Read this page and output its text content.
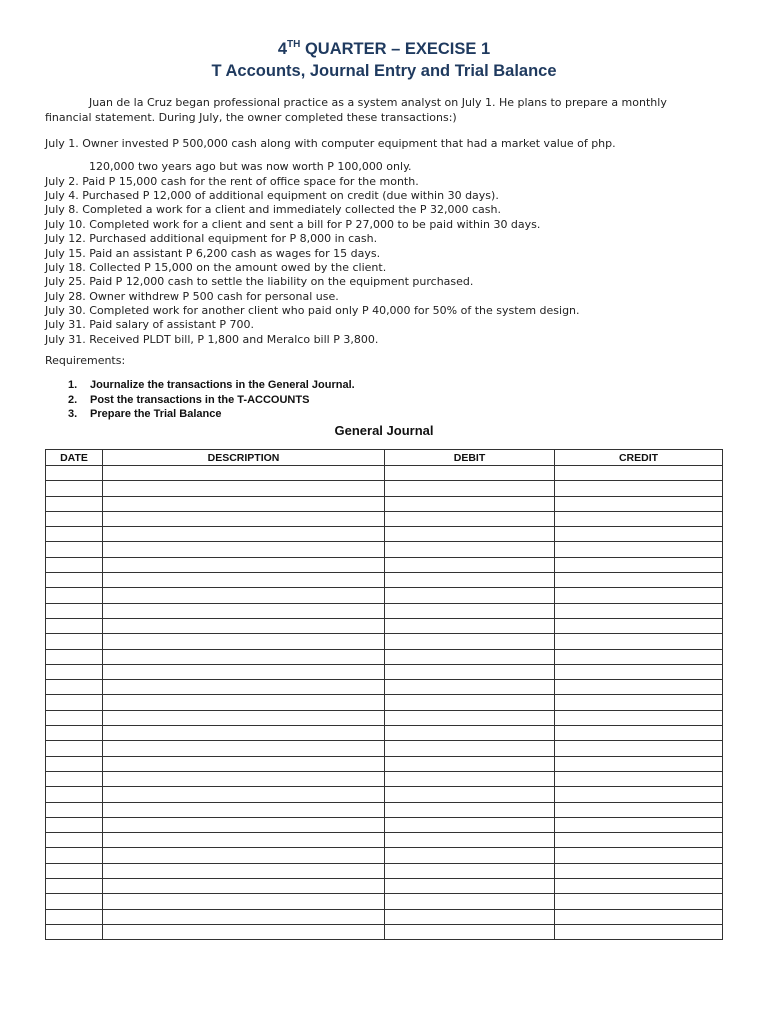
4TH QUARTER – EXECISE 1
T Accounts, Journal Entry and Trial Balance

Juan de la Cruz began professional practice as a system analyst on July 1. He plans to prepare a monthly financial statement. During July, the owner completed these transactions:)

July 1. Owner invested P 500,000 cash along with computer equipment that had a market value of php.

120,000 two years ago but was now worth P 100,000 only.

July 2. Paid P 15,000 cash for the rent of office space for the month.

July 4. Purchased P 12,000 of additional equipment on credit (due within 30 days).

July 8. Completed a work for a client and immediately collected the P 32,000 cash.

July 10. Completed work for a client and sent a bill for P 27,000 to be paid within 30 days.

July 12. Purchased additional equipment for P 8,000 in cash.

July 15. Paid an assistant P 6,200 cash as wages for 15 days.

July 18. Collected P 15,000 on the amount owed by the client.

July 25. Paid P 12,000 cash to settle the liability on the equipment purchased.

July 28. Owner withdrew P 500 cash for personal use.

July 30. Completed work for another client who paid only P 40,000 for 50% of the system design.

July 31. Paid salary of assistant P 700.

July 31. Received PLDT bill, P 1,800 and Meralco bill P 3,800.

Requirements:

1. Journalize the transactions in the General Journal.
2. Post the transactions in the T-ACCOUNTS
3. Prepare the Trial Balance
General Journal
DATE	DESCRIPTION	DEBIT	CREDIT
